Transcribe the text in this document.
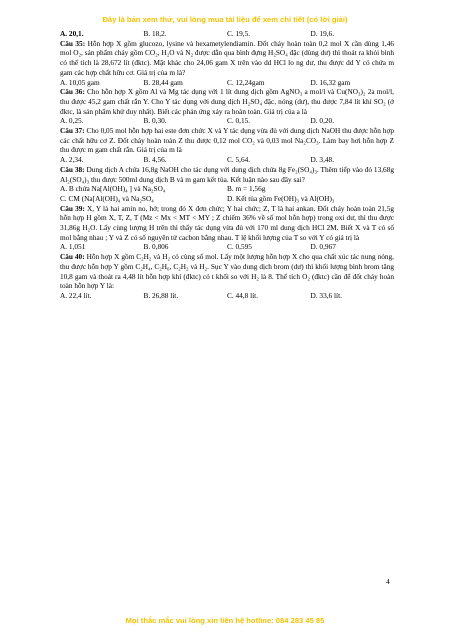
Đây là bản xem thử, vui lòng mua tài liệu để xem chi tiết (có lời giải)
A. 20,1.	B. 18,2.	C. 19,5.	D. 19,6.

Câu 35: Hỗn hợp X gồm glucozo, lysine và hexametylendiamin. Đốt cháy hoàn toàn 0,2 mol X cần dùng 1,46 mol O₂, sản phẩm cháy gồm CO₂, H₂O và N₂ được dẫn qua bình đựng H₂SO₄ đặc (dùng dư) thì thoát ra khỏi bình có thể tích là 28,672 lít (đktc). Mặt khác cho 24,06 gam X trên vào dd HCl lo ng dư, thu được dd Y có chứa m gam các hợp chất hữu cơ. Giá trị của m là?

A. 10,05 gam	B. 28,44 gam	C. 12,24gam	D. 16,32 gam

Câu 36: Cho hỗn hợp X gồm Al và Mg tác dụng với 1 lít dung dịch gồm AgNO₃ a mol/l và Cu(NO₃)₂ 2a mol/l, thu được 45,2 gam chất rắn Y. Cho Y tác dụng với dung dịch H₂SO₄ đặc, nóng (dư), thu được 7,84 lít khí SO₂ (ở đktc, là sản phẩm khử duy nhất). Biết các phản ứng xảy ra hoàn toàn. Giá trị của a là

A. 0,25.	B. 0,30.	C. 0,15.	D. 0,20.

Câu 37: Cho 0,05 mol hỗn hợp hai este đơn chức X và Y tác dụng vừa đủ với dung dịch NaOH thu được hỗn hợp các chất hữu cơ Z. Đốt cháy hoàn toàn Z thu được 0,12 mol CO₂ và 0,03 mol Na₂CO₃. Làm bay hơi hỗn hợp Z thu được m gam chất rắn. Giá trị của m là

A. 2,34.	B. 4,56.	C. 5,64.	D. 3,48.

Câu 38: Dung dịch A chứa 16,8g NaOH cho tác dụng với dung dịch chứa 8g Fe₂(SO₄)₃. Thêm tiếp vào đó 13,68g Al₂(SO₄)₃ thu được 500ml dung dịch B và m gam kết tủa. Kết luận nào sau đây sai?

A. B chứa Na[Al(OH)₄ ] và Na₂SO₄	B. m = 1,56g
C. CM (Na[Al(OH)₄ và Na₂SO₄	D. Kết tủa gồm Fe(OH)₃ và Al(OH)₃

Câu 39: X, Y là hai amin no, hở; trong đó X đơn chức; Y hai chức; Z, T là hai ankan. Đốt cháy hoàn toàn 21,5g hỗn hợp H gồm X, T, Z, T (Mz < Mx < MT < MY ; Z chiếm 36% về số mol hỗn hợp) trong oxi dư, thì thu được 31,86g H₂O. Lấy cùng lượng H trên thì thấy tác dụng vừa đủ với 170 ml dung dịch HCl 2M. Biết X và T có số mol bằng nhau ; Y và Z có số nguyên tử cacbon bằng nhau. T lệ khối lượng của T so với Y có giá trị là

A. 1,051	B. 0,806	C. 0,595	D. 0,967

Câu 40: Hỗn hợp X gồm C₂H₂ và H₂ có cùng số mol. Lấy một lượng hỗn hợp X cho qua chất xúc tác nung nóng, thu được hỗn hợp Y gồm C₂H₄, C₂H₆, C₂H₂ và H₂. Sục Y vào dung dịch brom (dư) thì khối lượng bình brom tăng 10,8 gam và thoát ra 4,48 lít hỗn hợp khí (đktc) có t khối so với H₂ là 8. Thể tích O₂ (đktc) cần để đốt cháy hoàn toàn hỗn hợp Y là:

A. 22,4 lít.	B. 26,88 lít.	C. 44,8 lít.	D. 33,6 lít.
4
Mọi thắc mắc vui lòng xin liên hệ hotline: 084 283 45 85
